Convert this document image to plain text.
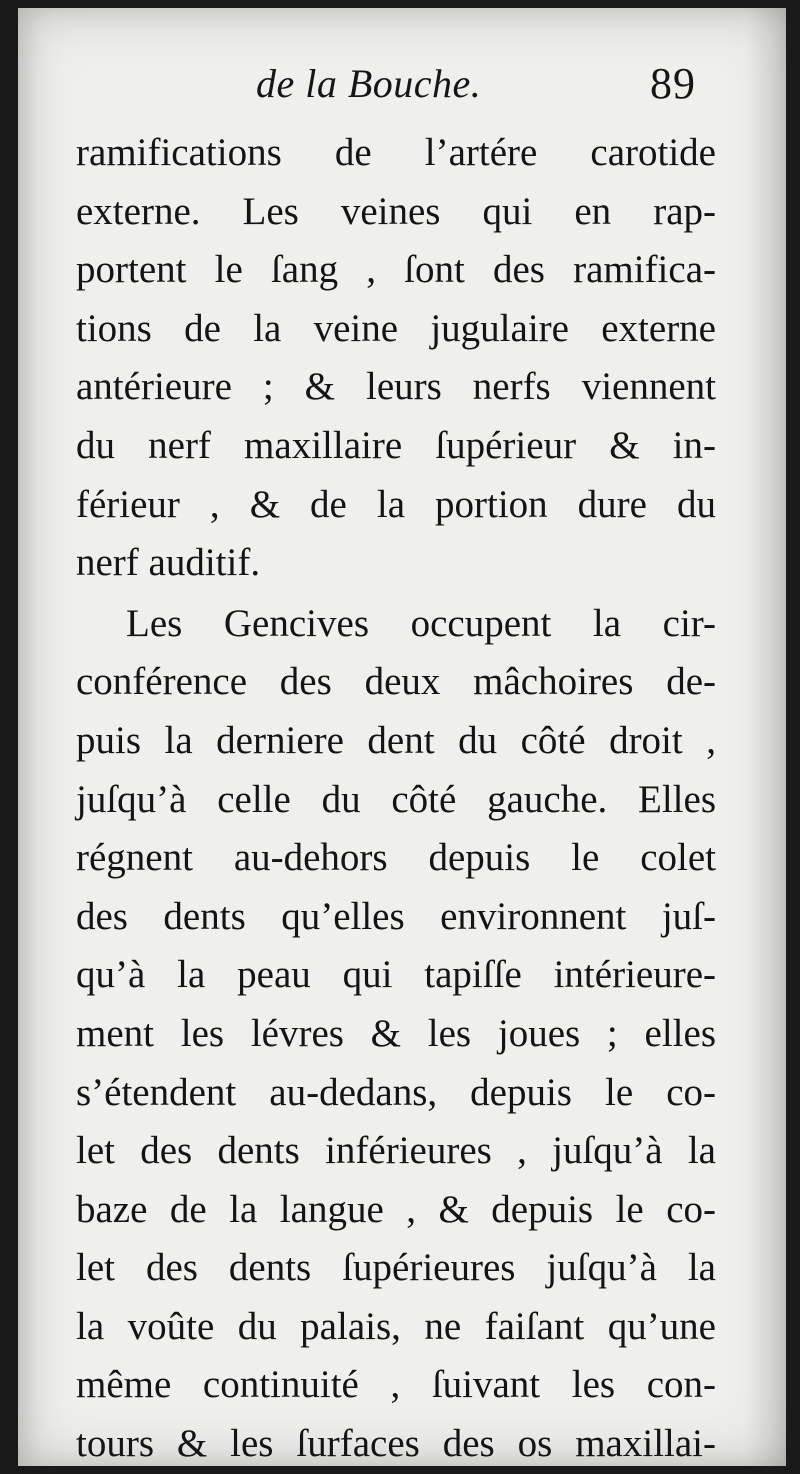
de la Bouche.	89
ramifications de l’artére carotide
externe. Les veines qui en rap-
portent le ſang , ſont des ramifica-
tions de la veine jugulaire externe
antérieure ; & leurs nerfs viennent
du nerf maxillaire ſupérieur & in-
férieur , & de la portion dure du
nerf auditif.
Les Gencives occupent la cir-
conférence des deux mâchoires de-
puis la derniere dent du côté droit ,
juſqu’à celle du côté gauche. Elles
régnent au-dehors depuis le colet
des dents qu’elles environnent juſ-
qu’à la peau qui tapiſſe intérieure-
ment les lévres & les joues ; elles
s’étendent au-dedans, depuis le co-
let des dents inférieures , juſqu’à la
baze de la langue , & depuis le co-
let des dents ſupérieures juſqu’à la
la voûte du palais, ne faiſant qu’une
même continuité , ſuivant les con-
tours & les ſurfaces des os maxillai-
